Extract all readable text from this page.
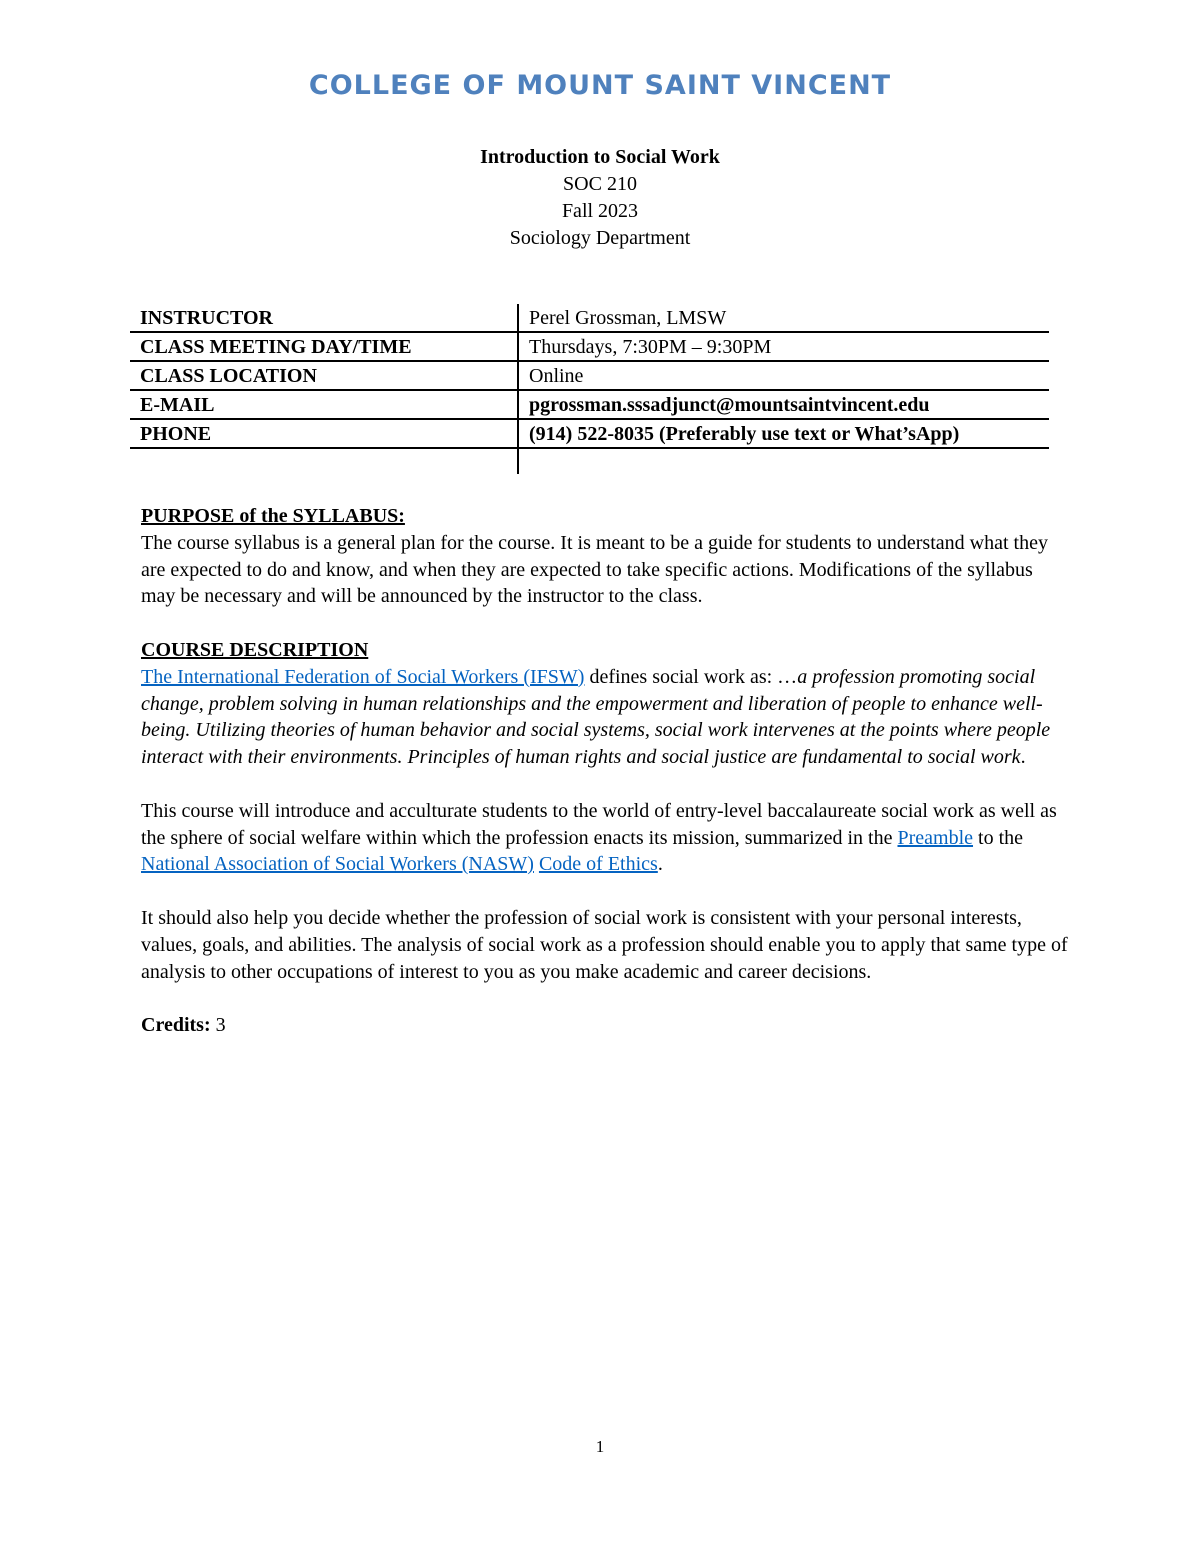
COLLEGE OF MOUNT SAINT VINCENT
Introduction to Social Work
SOC 210
Fall 2023
Sociology Department
INSTRUCTOR	Perel Grossman, LMSW
CLASS MEETING DAY/TIME	Thursdays, 7:30PM – 9:30PM
CLASS LOCATION	Online
E-MAIL	pgrossman.sssadjunct@mountsaintvincent.edu
PHONE	(914) 522-8035 (Preferably use text or What’sApp)

PURPOSE of the SYLLABUS:
The course syllabus is a general plan for the course. It is meant to be a guide for students to understand what they are expected to do and know, and when they are expected to take specific actions. Modifications of the syllabus may be necessary and will be announced by the instructor to the class.

COURSE DESCRIPTION
The International Federation of Social Workers (IFSW) defines social work as: …a profession promoting social change, problem solving in human relationships and the empowerment and liberation of people to enhance well-being. Utilizing theories of human behavior and social systems, social work intervenes at the points where people interact with their environments. Principles of human rights and social justice are fundamental to social work.

This course will introduce and acculturate students to the world of entry-level baccalaureate social work as well as the sphere of social welfare within which the profession enacts its mission, summarized in the Preamble to the National Association of Social Workers (NASW) Code of Ethics.

It should also help you decide whether the profession of social work is consistent with your personal interests, values, goals, and abilities. The analysis of social work as a profession should enable you to apply that same type of analysis to other occupations of interest to you as you make academic and career decisions.

Credits: 3

1
